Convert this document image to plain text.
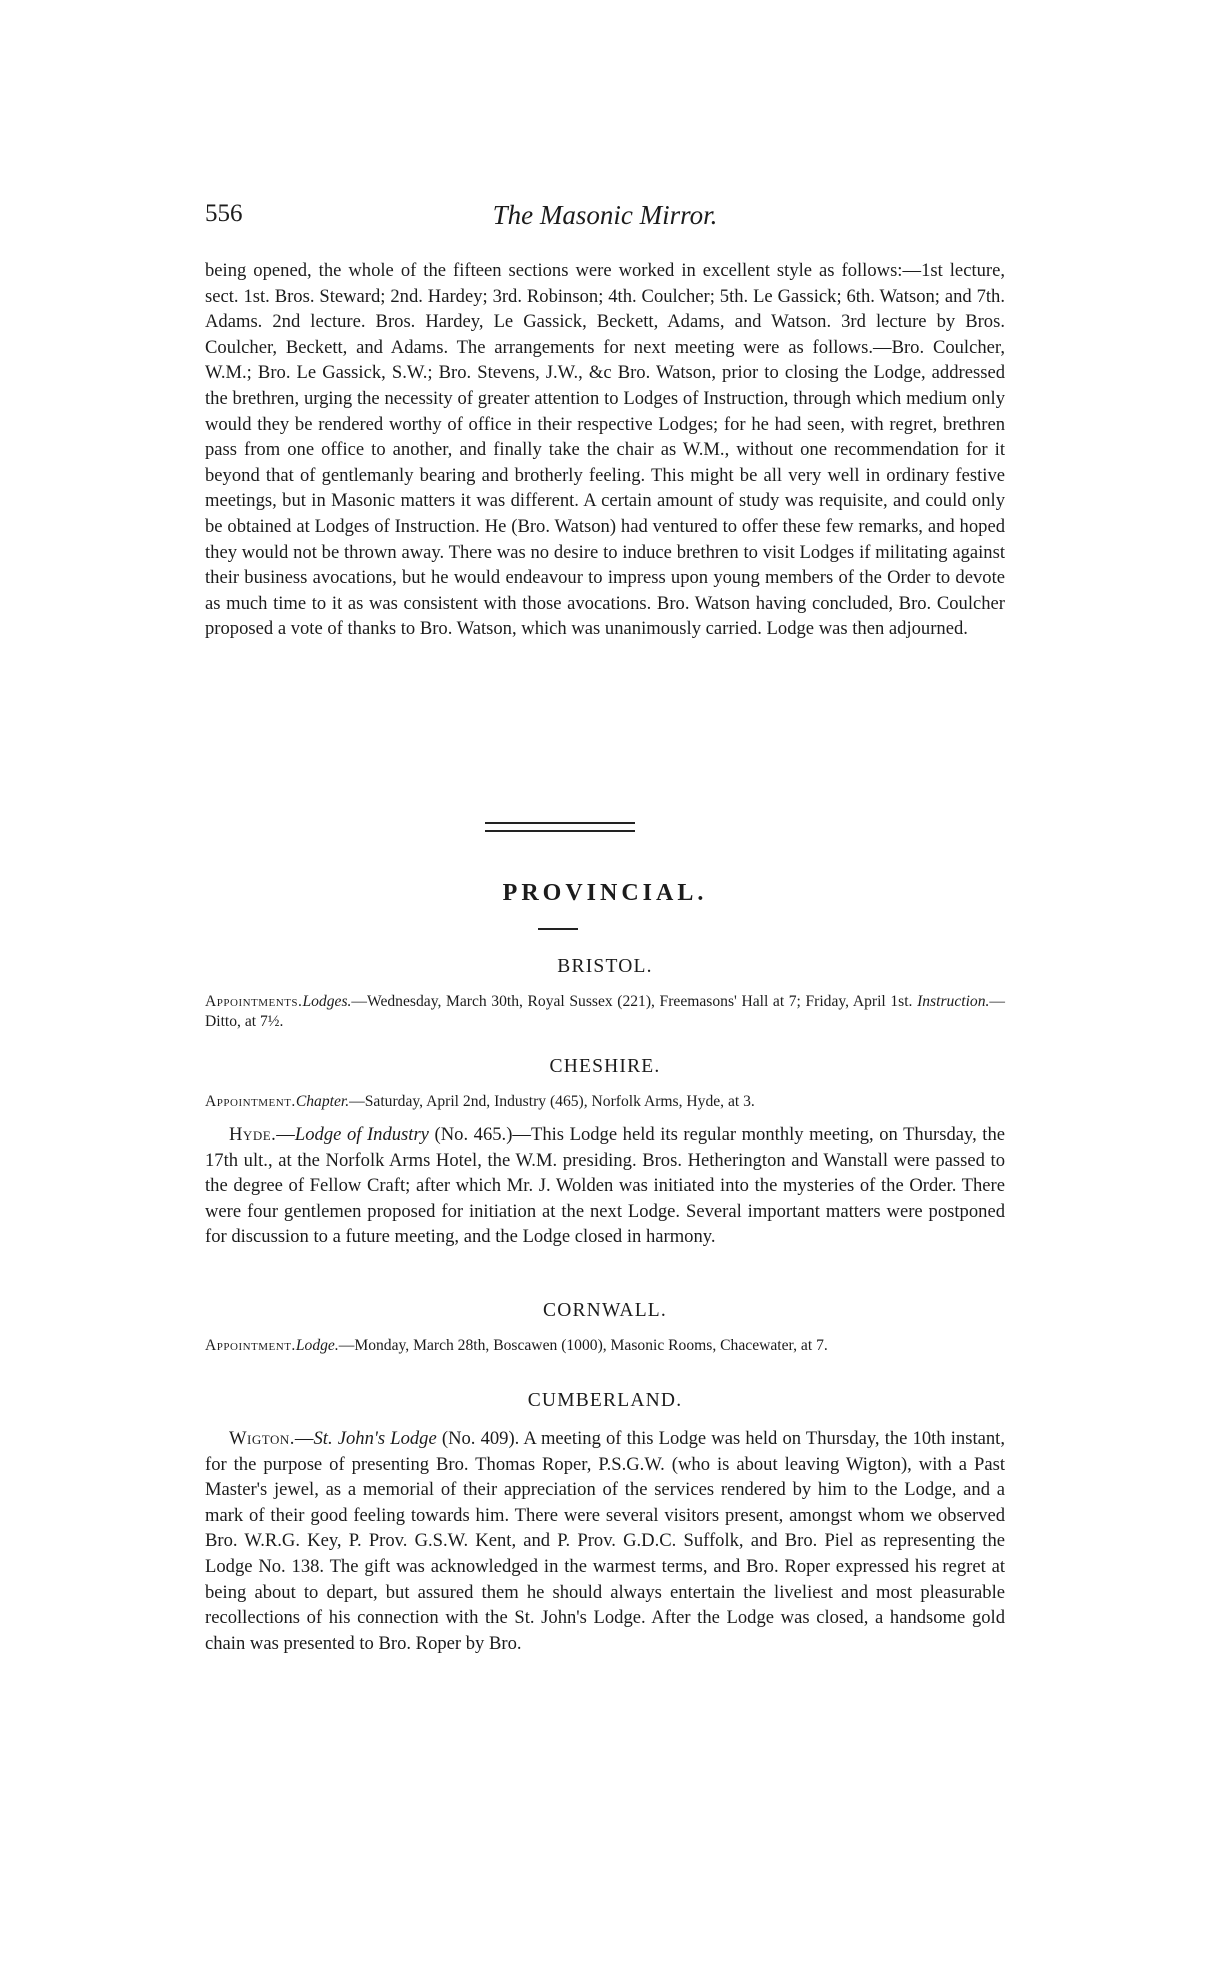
556	The Masonic Mirror.

being opened, the whole of the fifteen sections were worked in excellent style as follows:—1st lecture, sect. 1st. Bros. Steward; 2nd. Hardey; 3rd. Robinson; 4th. Coulcher; 5th. Le Gassick; 6th. Watson; and 7th. Adams. 2nd lecture. Bros. Hardey, Le Gassick, Beckett, Adams, and Watson. 3rd lecture by Bros. Coulcher, Beckett, and Adams. The arrangements for next meeting were as follows.—Bro. Coulcher, W.M.; Bro. Le Gassick, S.W.; Bro. Stevens, J.W., &c Bro. Watson, prior to closing the Lodge, addressed the brethren, urging the necessity of greater attention to Lodges of Instruction, through which medium only would they be rendered worthy of office in their respective Lodges; for he had seen, with regret, brethren pass from one office to another, and finally take the chair as W.M., without one recommendation for it beyond that of gentlemanly bearing and brotherly feeling. This might be all very well in ordinary festive meetings, but in Masonic matters it was different. A certain amount of study was requisite, and could only be obtained at Lodges of Instruction. He (Bro. Watson) had ventured to offer these few remarks, and hoped they would not be thrown away. There was no desire to induce brethren to visit Lodges if militating against their business avocations, but he would endeavour to impress upon young members of the Order to devote as much time to it as was consistent with those avocations. Bro. Watson having concluded, Bro. Coulcher proposed a vote of thanks to Bro. Watson, which was unanimously carried. Lodge was then adjourned.

PROVINCIAL.
BRISTOL.

Appointments.Lodges.—Wednesday, March 30th, Royal Sussex (221), Freemasons' Hall at 7; Friday, April 1st. Instruction.—Ditto, at 7½.

CHESHIRE.

Appointment.Chapter.—Saturday, April 2nd, Industry (465), Norfolk Arms, Hyde, at 3.

Hyde.—Lodge of Industry (No. 465.)—This Lodge held its regular monthly meeting, on Thursday, the 17th ult., at the Norfolk Arms Hotel, the W.M. presiding. Bros. Hetherington and Wanstall were passed to the degree of Fellow Craft; after which Mr. J. Wolden was initiated into the mysteries of the Order. There were four gentlemen proposed for initiation at the next Lodge. Several important matters were postponed for discussion to a future meeting, and the Lodge closed in harmony.

CORNWALL.

Appointment.Lodge.—Monday, March 28th, Boscawen (1000), Masonic Rooms, Chacewater, at 7.

CUMBERLAND.

Wigton.—St. John's Lodge (No. 409). A meeting of this Lodge was held on Thursday, the 10th instant, for the purpose of presenting Bro. Thomas Roper, P.S.G.W. (who is about leaving Wigton), with a Past Master's jewel, as a memorial of their appreciation of the services rendered by him to the Lodge, and a mark of their good feeling towards him. There were several visitors present, amongst whom we observed Bro. W.R.G. Key, P. Prov. G.S.W. Kent, and P. Prov. G.D.C. Suffolk, and Bro. Piel as representing the Lodge No. 138. The gift was acknowledged in the warmest terms, and Bro. Roper expressed his regret at being about to depart, but assured them he should always entertain the liveliest and most pleasurable recollections of his connection with the St. John's Lodge. After the Lodge was closed, a handsome gold chain was presented to Bro. Roper by Bro.
